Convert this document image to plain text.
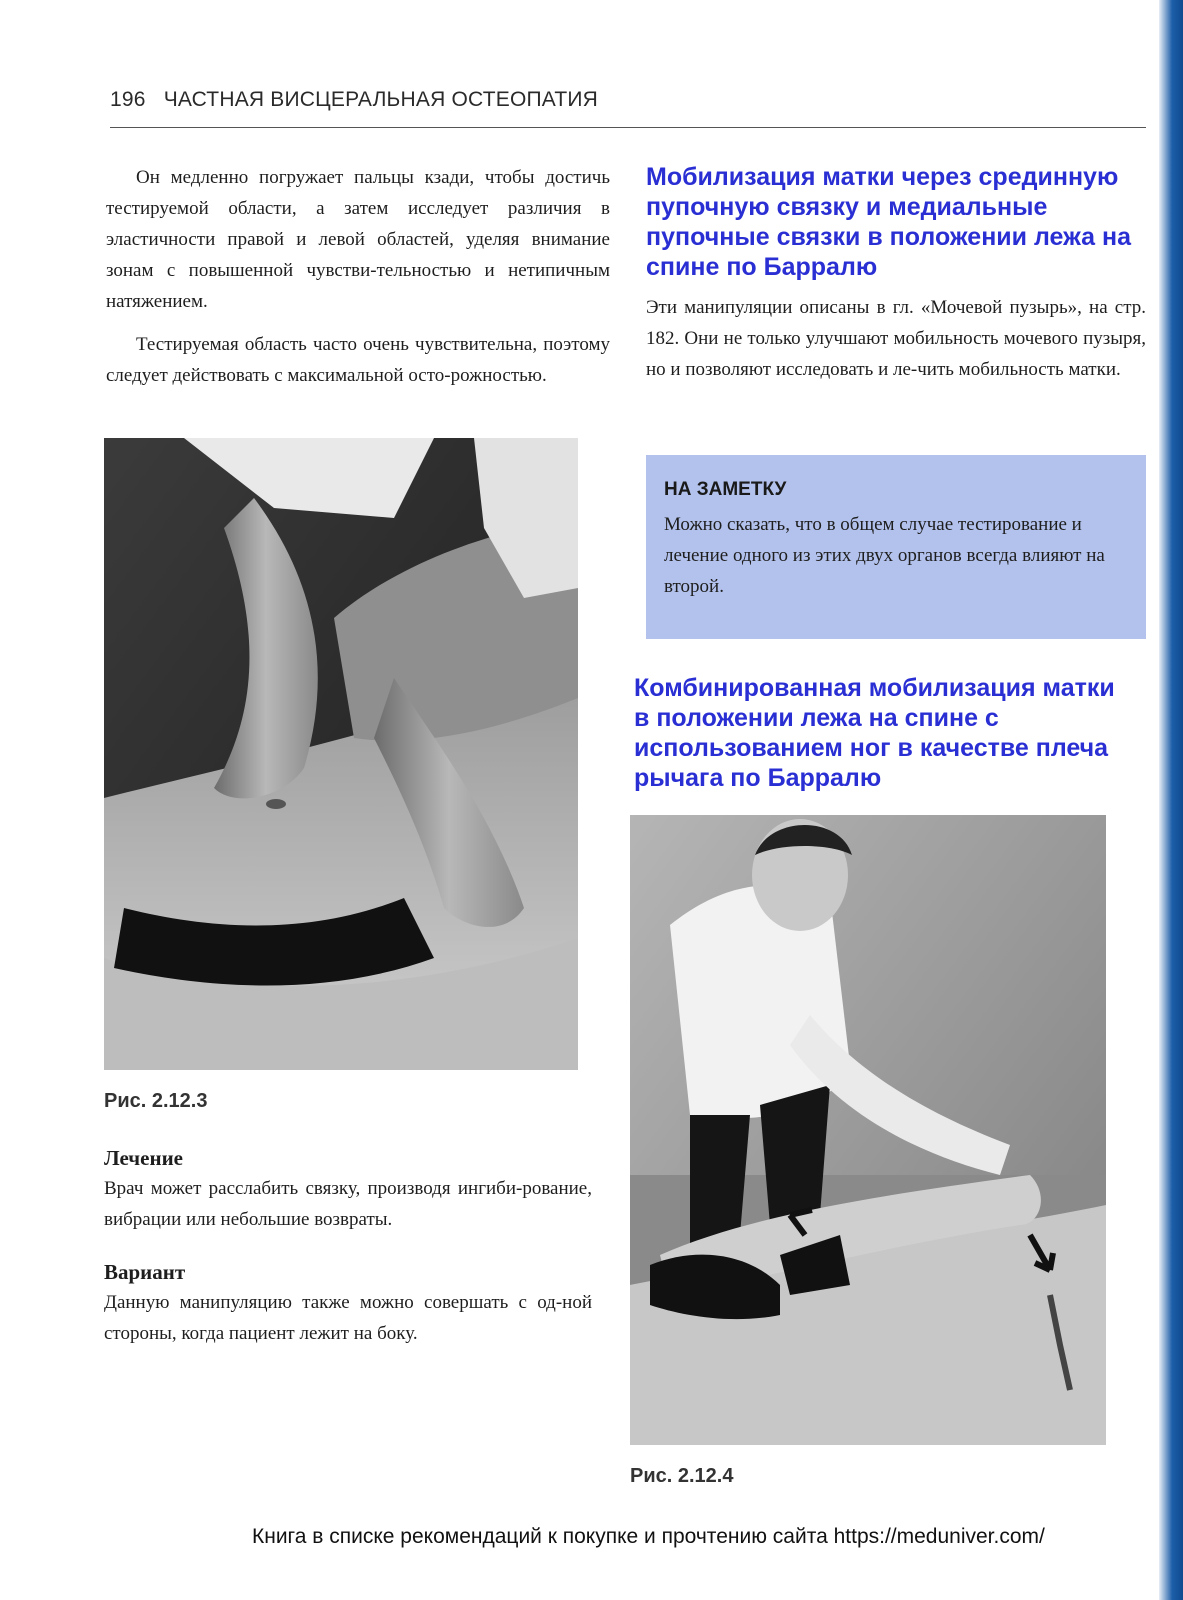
196 ЧАСТНАЯ ВИСЦЕРАЛЬНАЯ ОСТЕОПАТИЯ

Он медленно погружает пальцы кзади, чтобы достичь тестируемой области, а затем исследует различия в эластичности правой и левой областей, уделяя внимание зонам с повышенной чувстви-тельностью и нетипичным натяжением.

Тестируемая область часто очень чувствительна, поэтому следует действовать с максимальной осто-рожностью.

Рис. 2.12.3
Лечение

Врач может расслабить связку, производя ингиби-рование, вибрации или небольшие возвраты.

Вариант

Данную манипуляцию также можно совершать с од-ной стороны, когда пациент лежит на боку.

Мобилизация матки через срединную пупочную связку и медиальные пупочные связки в положении лежа на спине по Барралю

Эти манипуляции описаны в гл. «Мочевой пузырь», на стр. 182. Они не только улучшают мобильность мочевого пузыря, но и позволяют исследовать и ле-чить мобильность матки.

НА ЗАМЕТКУ

Можно сказать, что в общем случае тестирование и лечение одного из этих двух органов всегда влияют на второй.

Комбинированная мобилизация матки в положении лежа на спине с использованием ног в качестве плеча рычага по Барралю
Рис. 2.12.4
Книга в списке рекомендаций к покупке и прочтению сайта https://meduniver.com/
